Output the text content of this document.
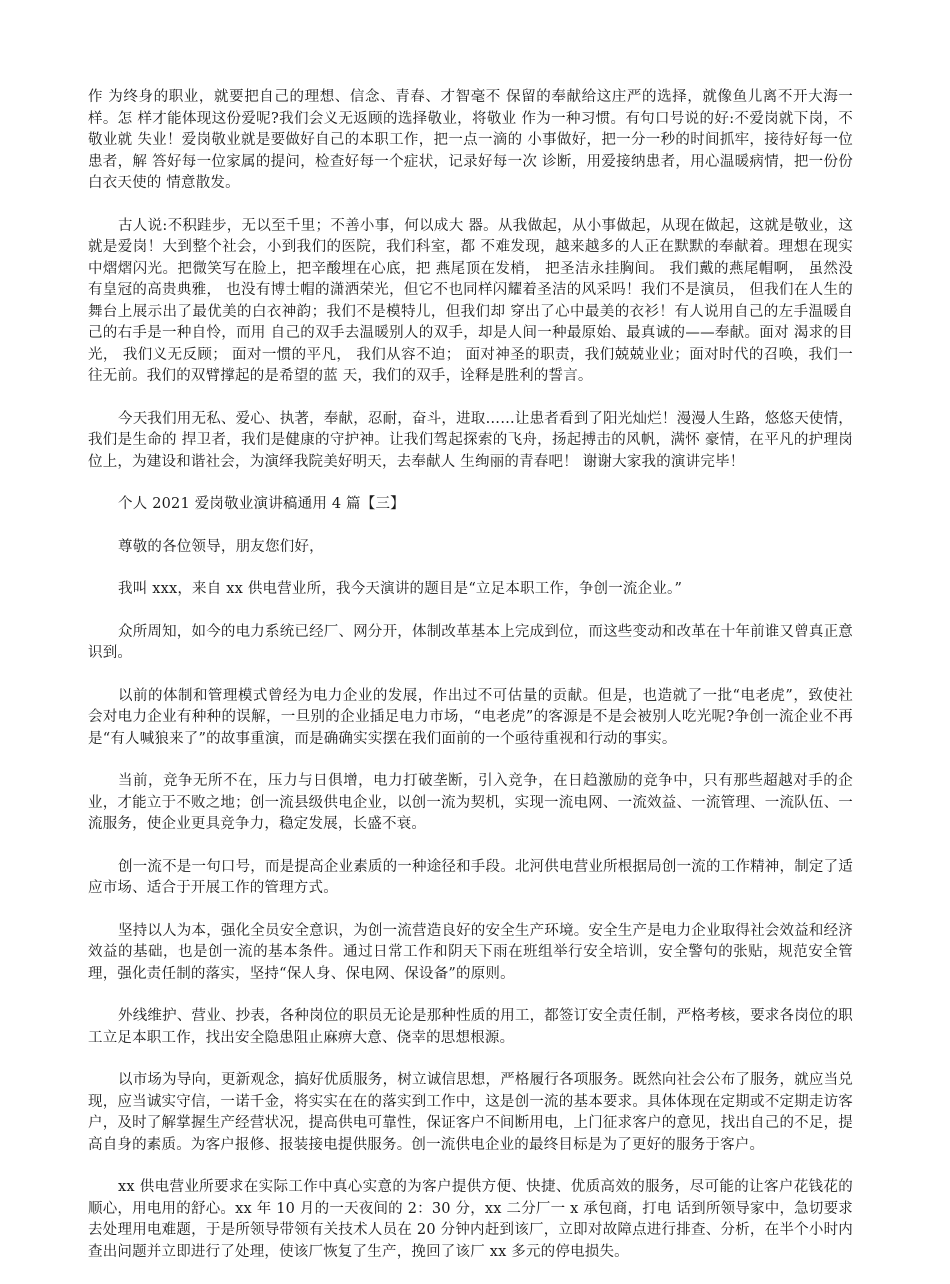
作 为终身的职业，就要把自己的理想、信念、青春、才智毫不 保留的奉献给这庄严的选择，就像鱼儿离不开大海一样。怎 样才能体现这份爱呢?我们会义无返顾的选择敬业，将敬业 作为一种习惯。有句口号说的好:不爱岗就下岗，不敬业就 失业！爱岗敬业就是要做好自己的本职工作，把一点一滴的 小事做好，把一分一秒的时间抓牢，接待好每一位患者，解 答好每一位家属的提问，检查好每一个症状，记录好每一次 诊断，用爱接纳患者，用心温暖病情，把一份份白衣天使的 情意散发。

古人说:不积跬步，无以至千里；不善小事，何以成大 器。从我做起，从小事做起，从现在做起，这就是敬业，这 就是爱岗！大到整个社会，小到我们的医院，我们科室，都 不难发现，越来越多的人正在默默的奉献着。理想在现实中熠熠闪光。把微笑写在脸上，把辛酸埋在心底，把 燕尾顶在发梢， 把圣洁永挂胸间。 我们戴的燕尾帽啊， 虽然没有皇冠的高贵典雅， 也没有博士帽的潇洒荣光，但它不也同样闪耀着圣洁的风采吗！我们不是演员， 但我们在人生的舞台上展示出了最优美的白衣神韵；我们不是模特儿，但我们却 穿出了心中最美的衣衫！有人说用自己的左手温暖自己的右手是一种自怜，而用 自己的双手去温暖别人的双手，却是人间一种最原始、最真诚的——奉献。面对 渴求的目光， 我们义无反顾； 面对一惯的平凡， 我们从容不迫； 面对神圣的职责，我们兢兢业业；面对时代的召唤，我们一往无前。我们的双臂撑起的是希望的蓝 天，我们的双手，诠释是胜利的誓言。

今天我们用无私、爱心、执著，奉献，忍耐，奋斗，进取……让患者看到了阳光灿烂！漫漫人生路，悠悠天使情，我们是生命的 捍卫者，我们是健康的守护神。让我们驾起探索的飞舟，扬起搏击的风帆，满怀 豪情，在平凡的护理岗位上，为建设和谐社会，为演绎我院美好明天，去奉献人 生绚丽的青春吧！ 谢谢大家我的演讲完毕！

个人 2021 爱岗敬业演讲稿通用 4 篇【三】

尊敬的各位领导，朋友您们好，

我叫 xxx，来自 xx 供电营业所，我今天演讲的题目是“立足本职工作，争创一流企业。”

众所周知，如今的电力系统已经厂、网分开，体制改革基本上完成到位，而这些变动和改革在十年前谁又曾真正意识到。

以前的体制和管理模式曾经为电力企业的发展，作出过不可估量的贡献。但是，也造就了一批“电老虎”，致使社会对电力企业有种种的误解，一旦别的企业插足电力市场，“电老虎”的客源是不是会被别人吃光呢?争创一流企业不再是“有人喊狼来了”的故事重演，而是确确实实摆在我们面前的一个亟待重视和行动的事实。

当前，竞争无所不在，压力与日俱增，电力打破垄断，引入竞争，在日趋激励的竞争中，只有那些超越对手的企业，才能立于不败之地；创一流县级供电企业，以创一流为契机，实现一流电网、一流效益、一流管理、一流队伍、一流服务，使企业更具竞争力，稳定发展，长盛不衰。

创一流不是一句口号，而是提高企业素质的一种途径和手段。北河供电营业所根据局创一流的工作精神，制定了适应市场、适合于开展工作的管理方式。

坚持以人为本，强化全员安全意识，为创一流营造良好的安全生产环境。安全生产是电力企业取得社会效益和经济效益的基础，也是创一流的基本条件。通过日常工作和阴天下雨在班组举行安全培训，安全警句的张贴，规范安全管理，强化责任制的落实，坚持“保人身、保电网、保设备”的原则。

外线维护、营业、抄表，各种岗位的职员无论是那种性质的用工，都签订安全责任制，严格考核，要求各岗位的职工立足本职工作，找出安全隐患阻止麻痹大意、侥幸的思想根源。

以市场为导向，更新观念，搞好优质服务，树立诚信思想，严格履行各项服务。既然向社会公布了服务，就应当兑现，应当诚实守信，一诺千金，将实实在在的落实到工作中，这是创一流的基本要求。具体体现在定期或不定期走访客户，及时了解掌握生产经营状况，提高供电可靠性，保证客户不间断用电，上门征求客户的意见，找出自己的不足，提高自身的素质。为客户报修、报装接电提供服务。创一流供电企业的最终目标是为了更好的服务于客户。

xx 供电营业所要求在实际工作中真心实意的为客户提供方便、快捷、优质高效的服务，尽可能的让客户花钱花的顺心，用电用的舒心。xx 年 10 月的一天夜间的 2：30 分，xx 二分厂一 x 承包商，打电 话到所领导家中，急切要求去处理用电难题，于是所领导带领有关技术人员在 20 分钟内赶到该厂，立即对故障点进行排查、分析，在半个小时内查出问题并立即进行了处理，使该厂恢复了生产，挽回了该厂 xx 多元的停电损失。
